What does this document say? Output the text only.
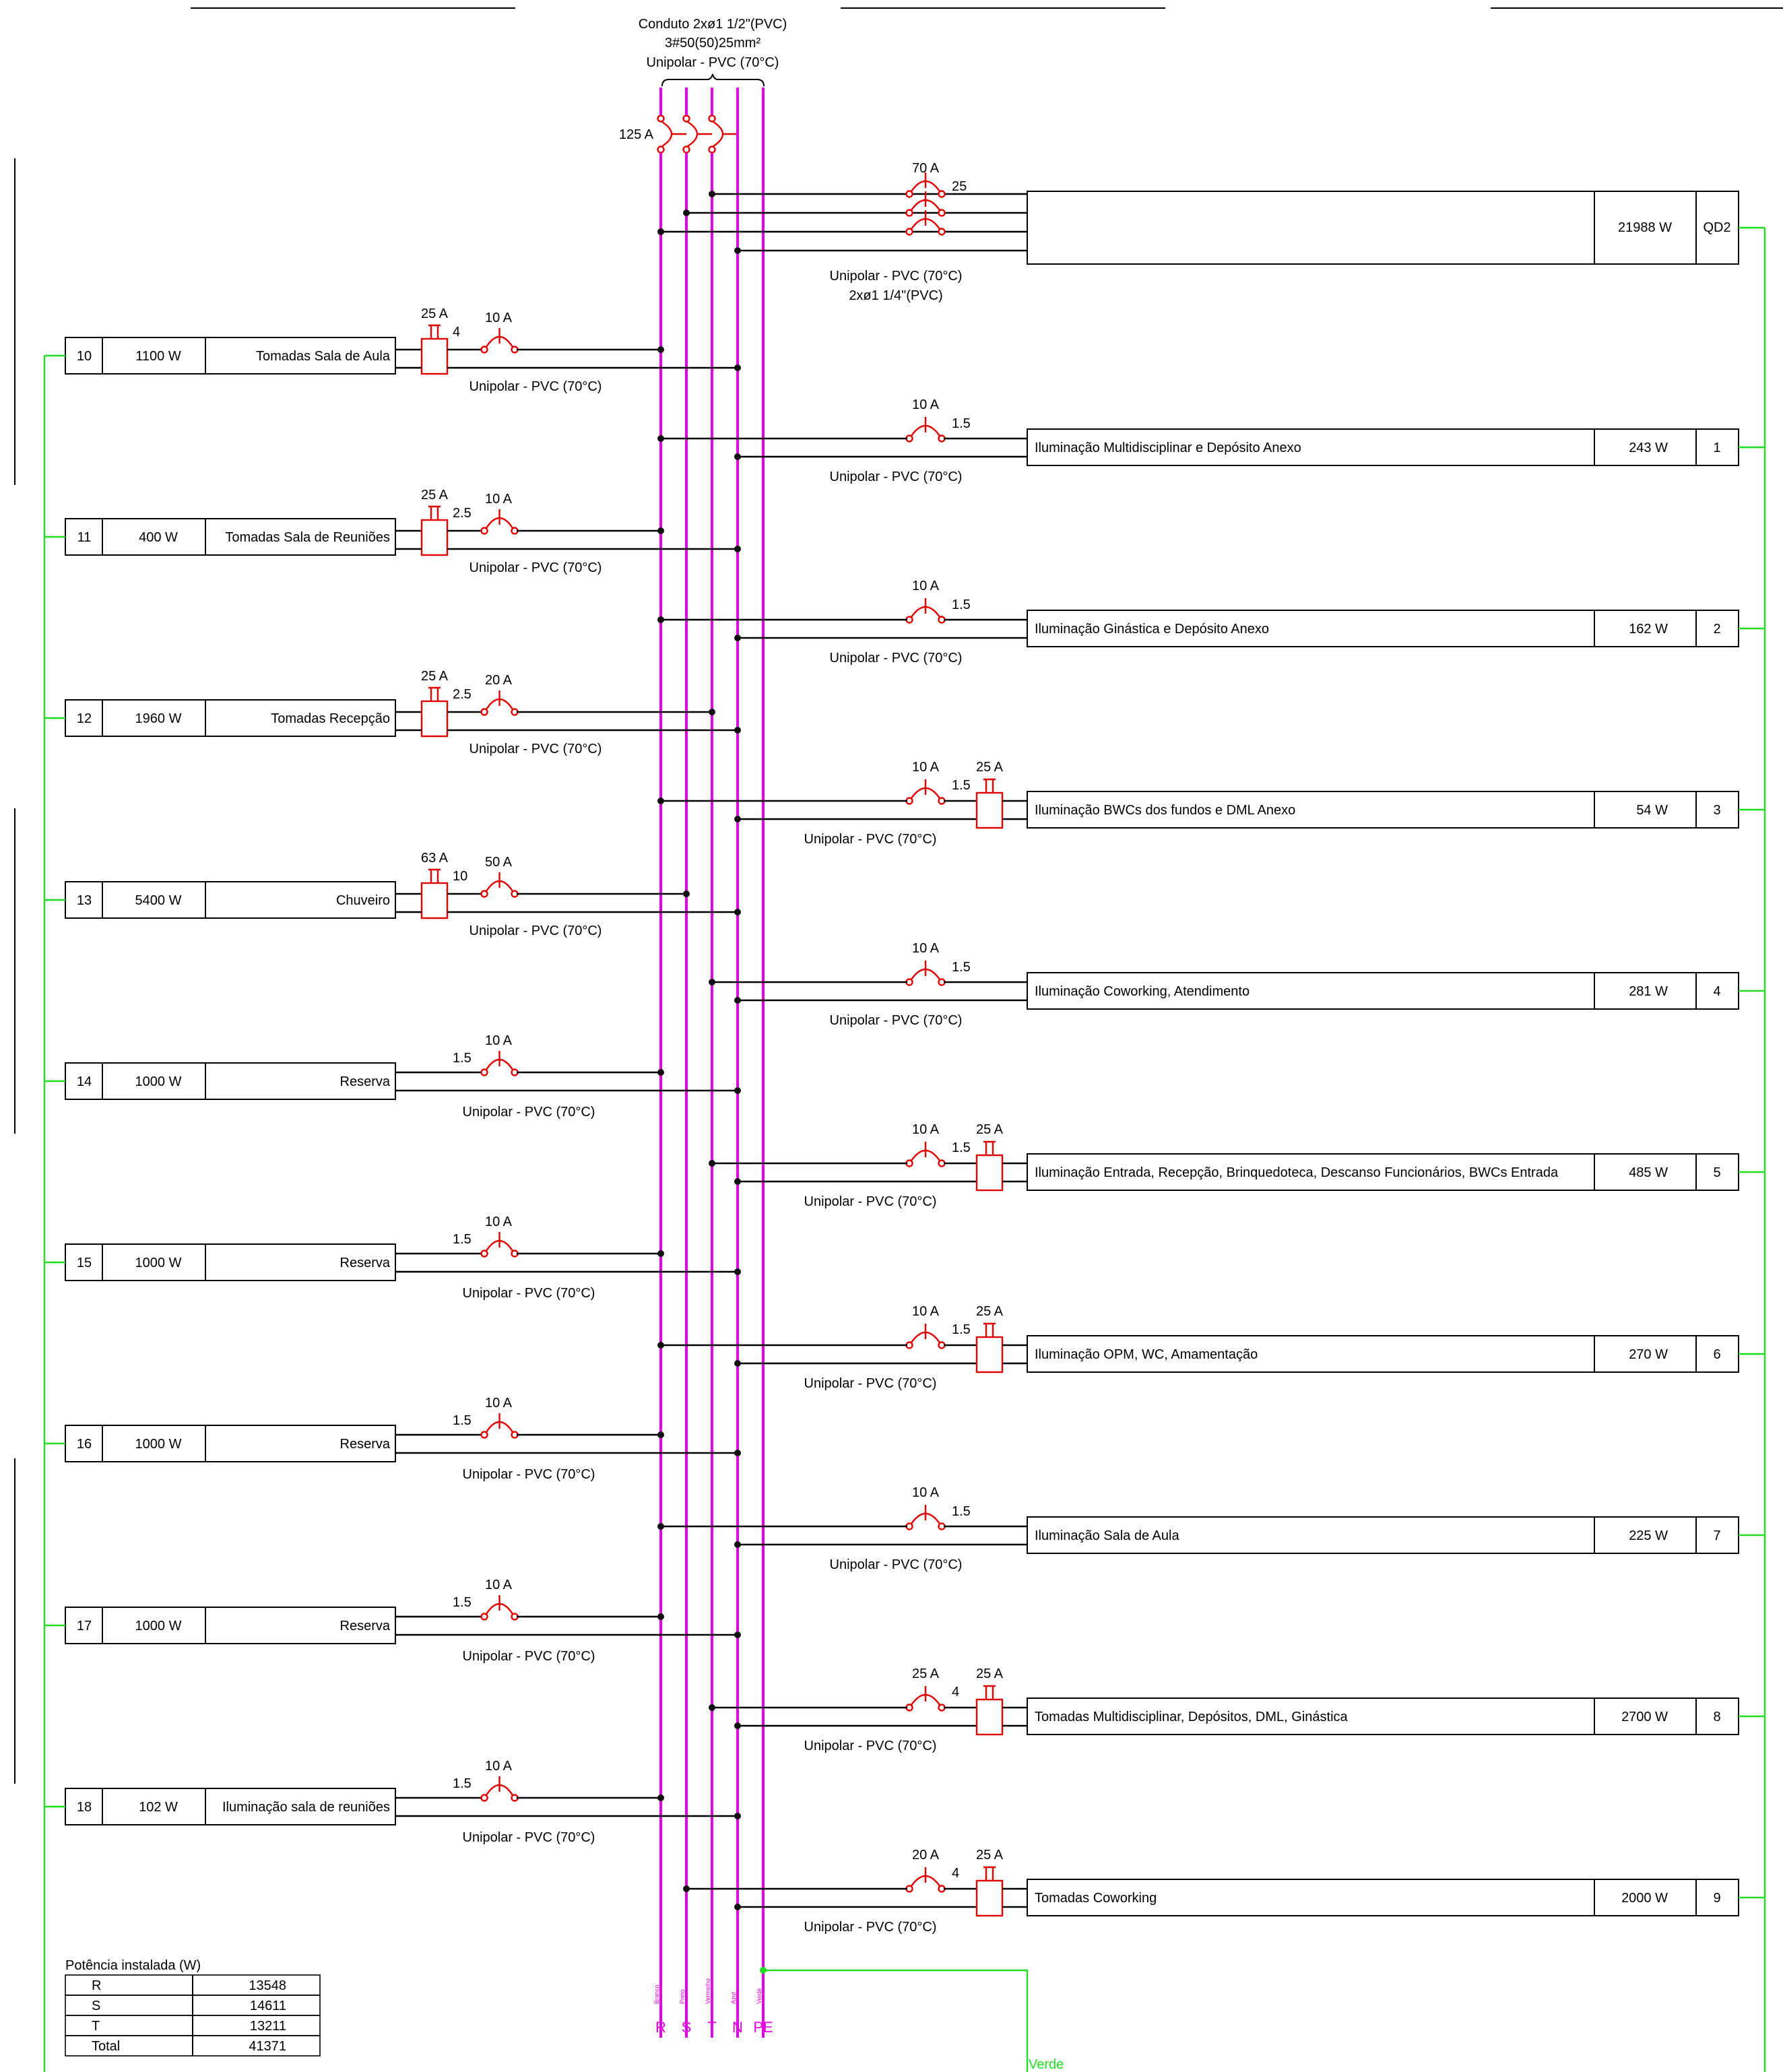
Conduto 2xø1 1/2"(PVC)
3#50(50)25mm²
Unipolar - PVC (70°C)
125 A
Branco
R
Preto
S
Vermelho
T
Azul
N
Verde
PE
70 A
25
21988 W QD2
Unipolar - PVC (70°C)
2xø1 1/4"(PVC)
10	1100 W	Tomadas Sala de Aula
25 A
4
10 A
Unipolar - PVC (70°C)
11	400 W	Tomadas Sala de Reuniões
25 A
2.5
10 A
Unipolar - PVC (70°C)
12	1960 W	Tomadas Recepção
25 A
2.5
20 A
Unipolar - PVC (70°C)
13	5400 W	Chuveiro
63 A
10
50 A
Unipolar - PVC (70°C)
14	1000 W	Reserva
1.5
10 A
Unipolar - PVC (70°C)
15	1000 W	Reserva
1.5
10 A
Unipolar - PVC (70°C)
16	1000 W	Reserva
1.5
10 A
Unipolar - PVC (70°C)
17	1000 W	Reserva
1.5
10 A
Unipolar - PVC (70°C)
18	102 W	Iluminação sala de reuniões
1.5
10 A
Unipolar - PVC (70°C)
Iluminação Multidisciplinar e Depósito Anexo	243 W	1
1.5
10 A
Unipolar - PVC (70°C)
Iluminação Ginástica e Depósito Anexo	162 W	2
1.5
10 A
Unipolar - PVC (70°C)
Iluminação BWCs dos fundos e DML Anexo	54 W	3
25 A
1.5
10 A
Unipolar - PVC (70°C)
Iluminação Coworking, Atendimento	281 W	4
1.5
10 A
Unipolar - PVC (70°C)
Iluminação Entrada, Recepção, Brinquedoteca, Descanso Funcionários, BWCs Entrada	485 W	5
25 A
1.5
10 A
Unipolar - PVC (70°C)
Iluminação OPM, WC, Amamentação	270 W	6
25 A
1.5
10 A
Unipolar - PVC (70°C)
Iluminação Sala de Aula	225 W	7
1.5
10 A
Unipolar - PVC (70°C)
Tomadas Multidisciplinar, Depósitos, DML, Ginástica	2700 W	8
25 A
4
25 A
Unipolar - PVC (70°C)
Tomadas Coworking	2000 W	9
25 A
4
20 A
Unipolar - PVC (70°C)
Potência instalada (W)
R	13548
S	14611
T	13211
Total	41371
Verde
